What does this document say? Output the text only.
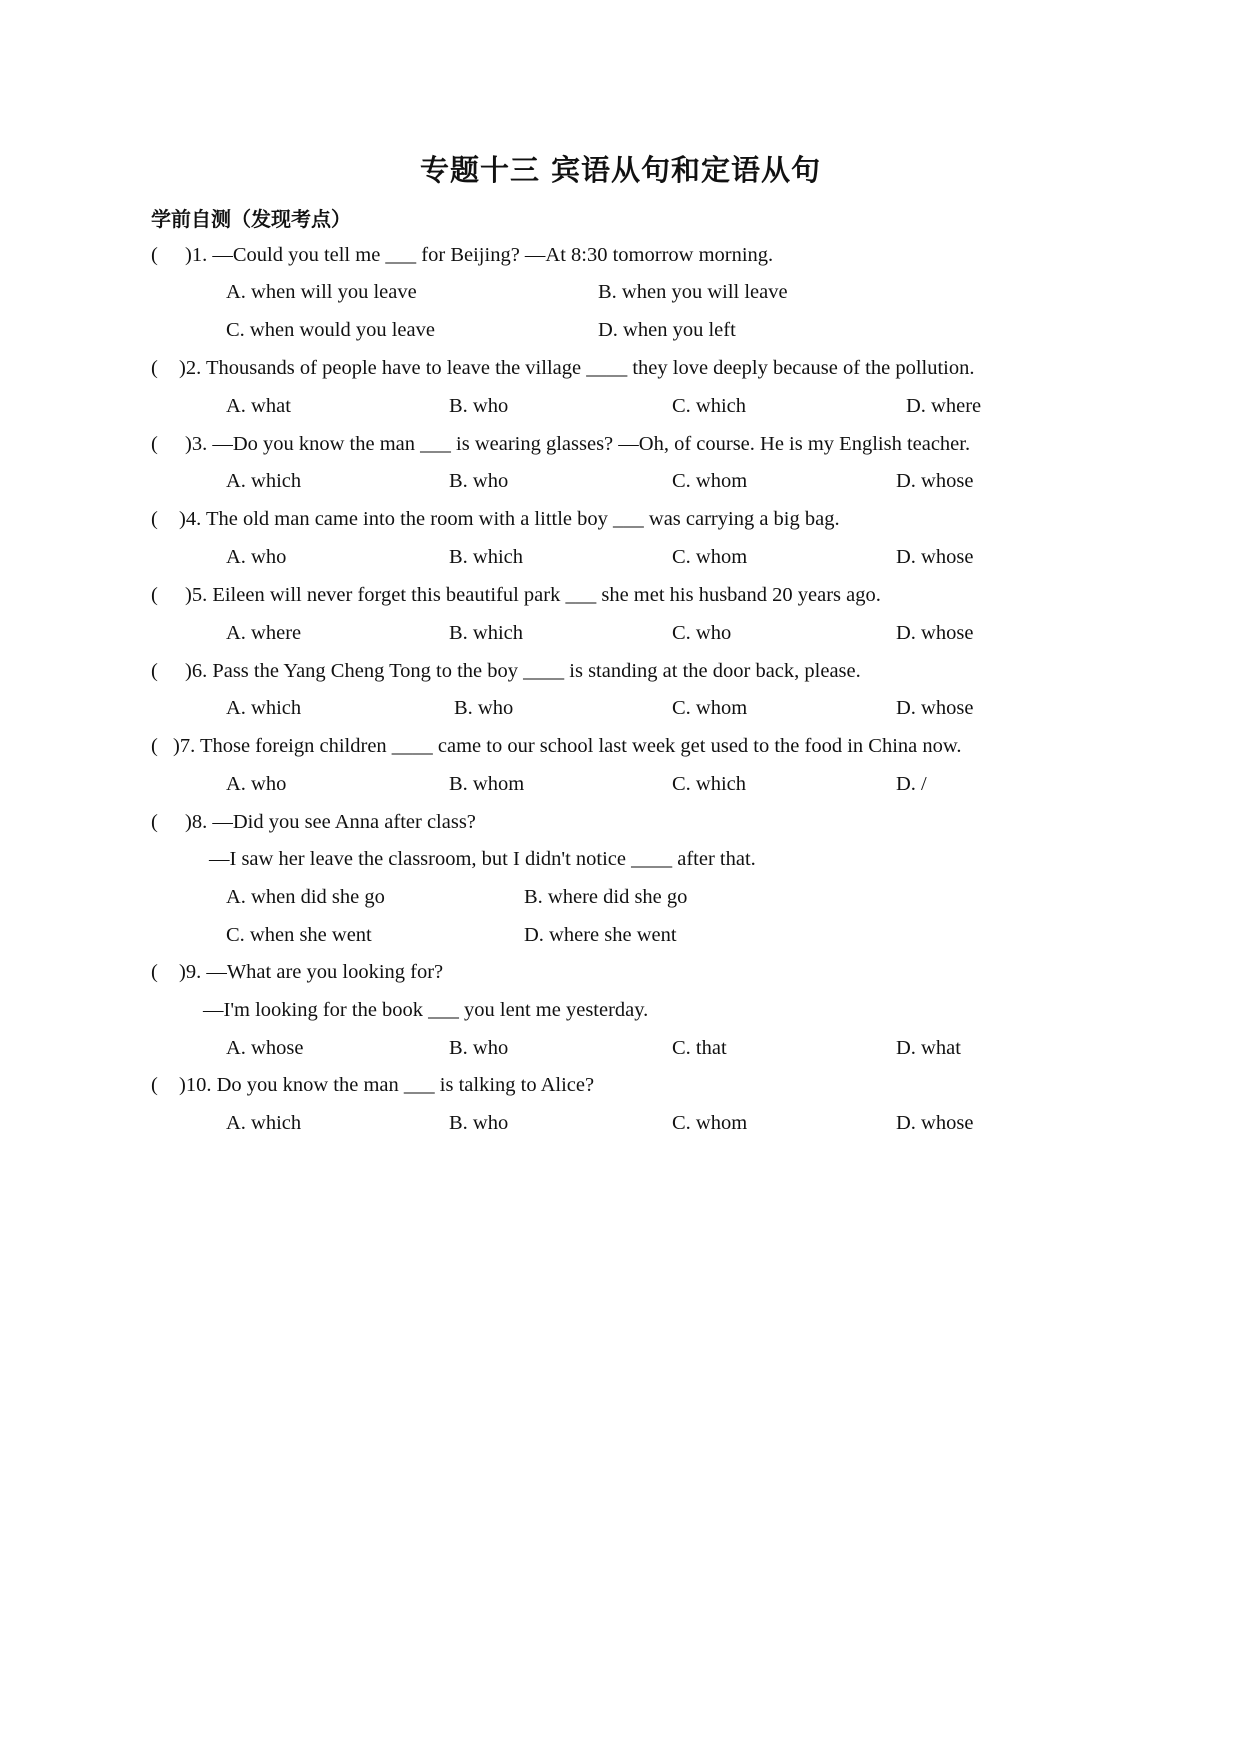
专题十三 宾语从句和定语从句
学前自测（发现考点）
( )1. —Could you tell me ___ for Beijing? —At 8:30 tomorrow morning.
A. when will you leave	B. when you will leave
C. when would you leave	D. when you left
( )2. Thousands of people have to leave the village ____ they love deeply because of the pollution.
A. what	B. who	C. which	D. where
( )3. —Do you know the man ___ is wearing glasses? —Oh, of course. He is my English teacher.
A. which	B. who	C. whom	D. whose
( )4. The old man came into the room with a little boy ___ was carrying a big bag.
A. who	B. which	C. whom	D. whose
( )5. Eileen will never forget this beautiful park ___ she met his husband 20 years ago.
A. where	B. which	C. who	D. whose
( )6. Pass the Yang Cheng Tong to the boy ____ is standing at the door back, please.
A. which	B. who	C. whom	D. whose
( )7. Those foreign children ____ came to our school last week get used to the food in China now.
A. who	B. whom	C. which	D. /
( )8. —Did you see Anna after class?
—I saw her leave the classroom, but I didn't notice ____ after that.
A. when did she go	B. where did she go
C. when she went	D. where she went
( )9. —What are you looking for?
—I'm looking for the book ___ you lent me yesterday.
A. whose	B. who	C. that	D. what
( )10. Do you know the man ___ is talking to Alice?
A. which	B. who	C. whom	D. whose
